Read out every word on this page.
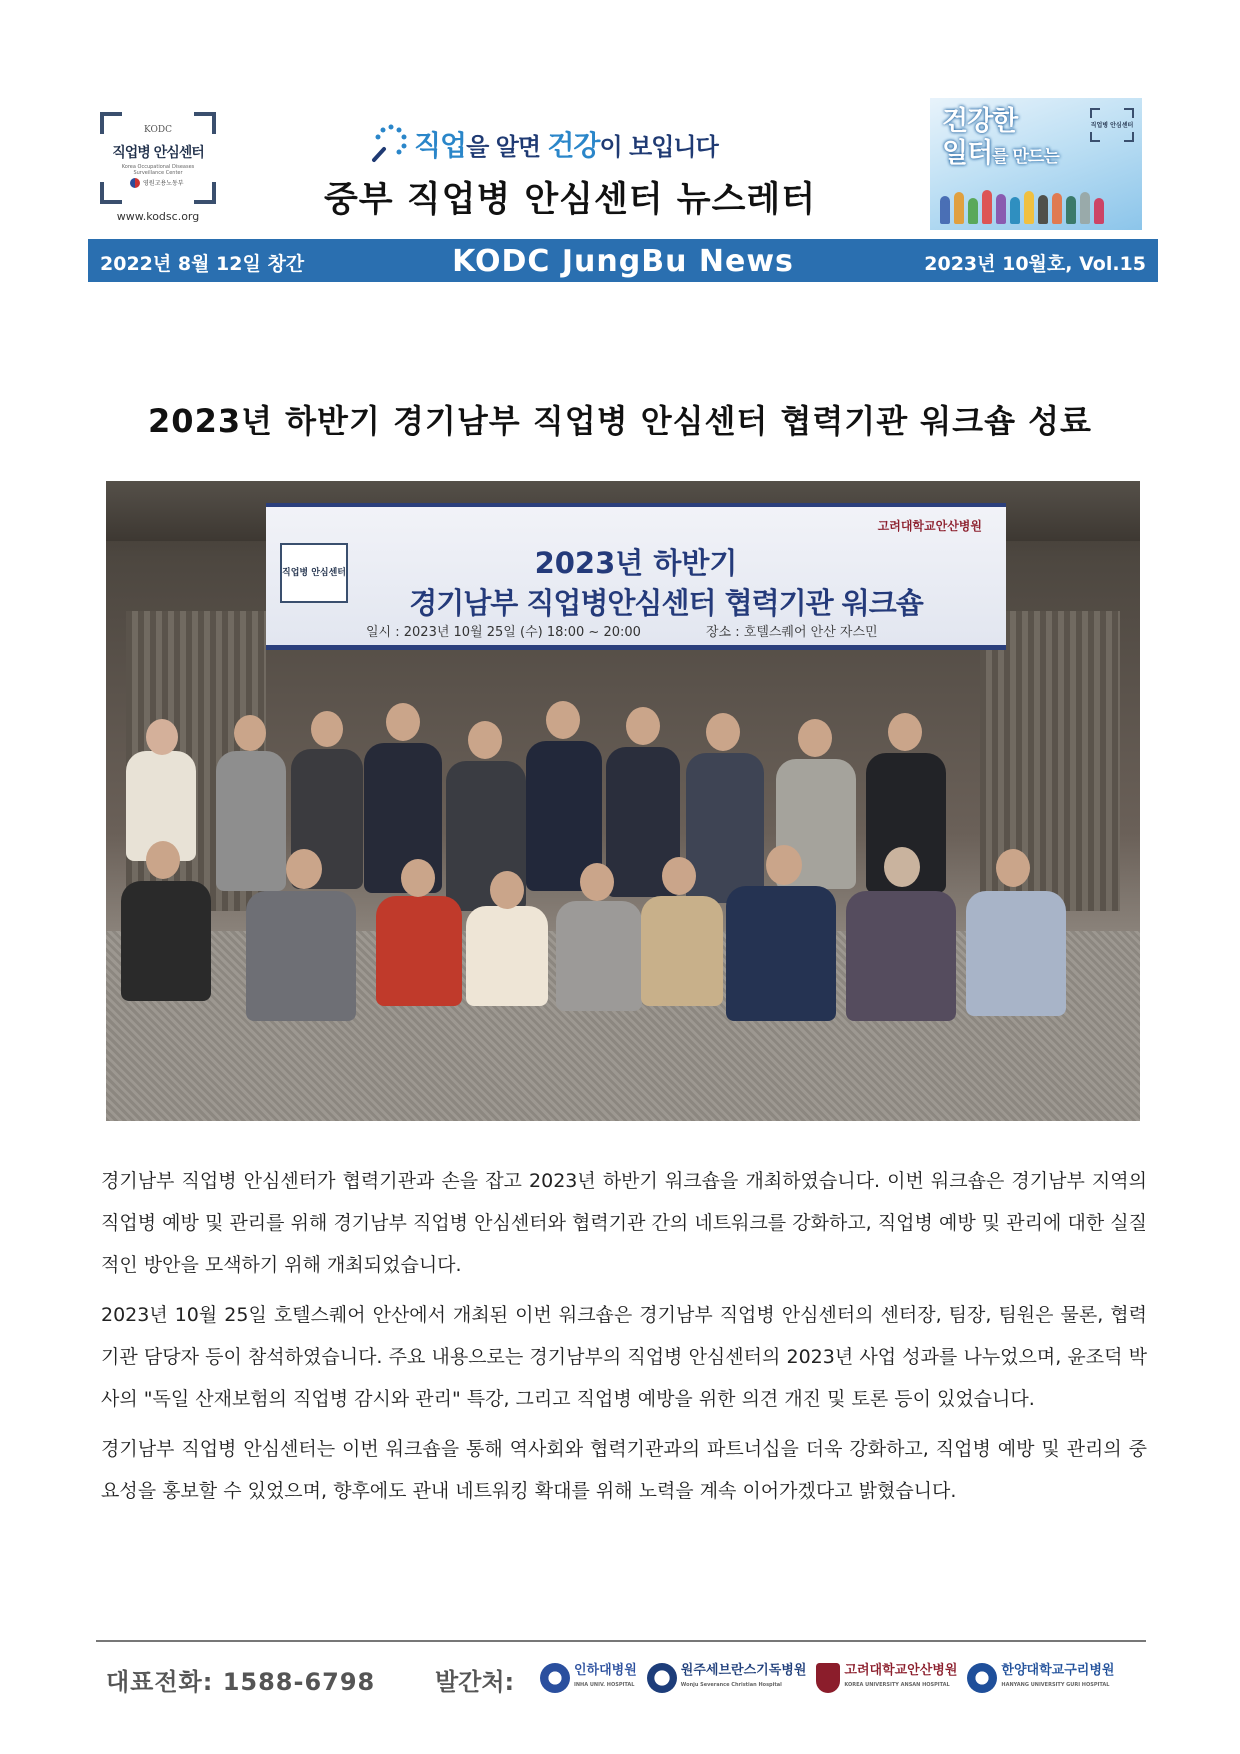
KODC
직업병 안심센터
Korea Occupational Diseases Surveillance Center
영원고용노동부
www.kodsc.org
직업을 알면 건강이 보입니다
중부 직업병 안심센터 뉴스레터
건강한
일터를 만드는
직업병 안심센터
2022년 8월 12일 창간	KODC JungBu News	2023년 10월호, Vol.15
2023년 하반기 경기남부 직업병 안심센터 협력기관 워크숍 성료
직업병 안심센터
고려대학교안산병원
2023년 하반기
경기남부 직업병안심센터 협력기관 워크숍
일시 : 2023년 10월 25일 (수) 18:00 ~ 20:00	장소 : 호텔스퀘어 안산 자스민

경기남부 직업병 안심센터가 협력기관과 손을 잡고 2023년 하반기 워크숍을 개최하였습니다. 이번 워크숍은 경기남부 지역의 직업병 예방 및 관리를 위해 경기남부 직업병 안심센터와 협력기관 간의 네트워크를 강화하고, 직업병 예방 및 관리에 대한 실질적인 방안을 모색하기 위해 개최되었습니다.

2023년 10월 25일 호텔스퀘어 안산에서 개최된 이번 워크숍은 경기남부 직업병 안심센터의 센터장, 팀장, 팀원은 물론, 협력기관 담당자 등이 참석하였습니다. 주요 내용으로는 경기남부의 직업병 안심센터의 2023년 사업 성과를 나누었으며, 윤조덕 박사의 "독일 산재보험의 직업병 감시와 관리" 특강, 그리고 직업병 예방을 위한 의견 개진 및 토론 등이 있었습니다.

경기남부 직업병 안심센터는 이번 워크숍을 통해 역사회와 협력기관과의 파트너십을 더욱 강화하고, 직업병 예방 및 관리의 중요성을 홍보할 수 있었으며, 향후에도 관내 네트워킹 확대를 위해 노력을 계속 이어가겠다고 밝혔습니다.

대표전화: 1588-6798 발간처:	인하대병원
INHA UNIV. HOSPITAL
원주세브란스기독병원
Wonju Severance Christian Hospital
고려대학교안산병원
KOREA UNIVERSITY ANSAN HOSPITAL
한양대학교구리병원
HANYANG UNIVERSITY GURI HOSPITAL
